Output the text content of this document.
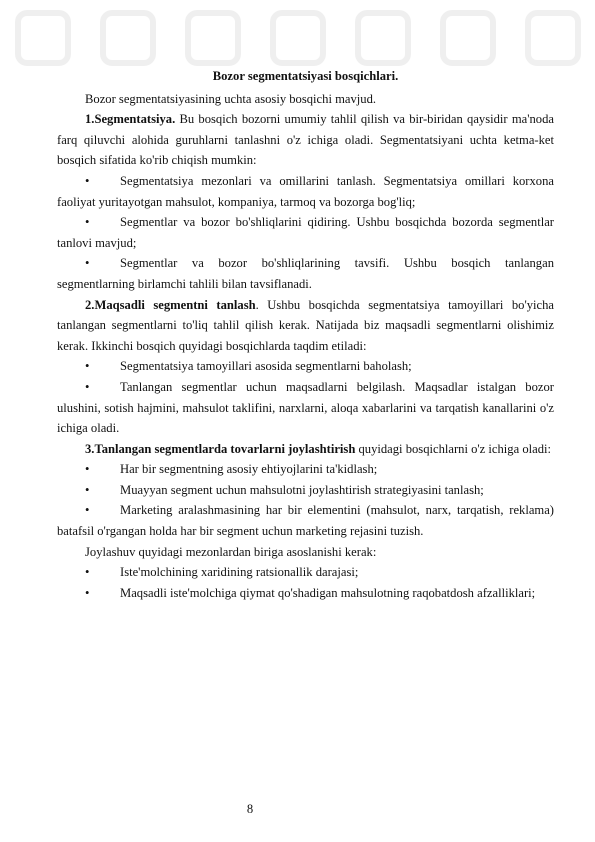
Bozor segmentatsiyasi bosqichlari.

Bozor segmentatsiyasining uchta asosiy bosqichi mavjud.

1.Segmentatsiya. Bu bosqich bozorni umumiy tahlil qilish va bir-biridan qaysidir ma'noda farq qiluvchi alohida guruhlarni tanlashni o'z ichiga oladi. Segmentatsiyani uchta ketma-ket bosqich sifatida ko'rib chiqish mumkin:

• Segmentatsiya mezonlari va omillarini tanlash. Segmentatsiya omillari korxona faoliyat yuritayotgan mahsulot, kompaniya, tarmoq va bozorga bog'liq;

• Segmentlar va bozor bo'shliqlarini qidiring. Ushbu bosqichda bozorda segmentlar tanlovi mavjud;

• Segmentlar va bozor bo'shliqlarining tavsifi. Ushbu bosqich tanlangan segmentlarning birlamchi tahlili bilan tavsiflanadi.

2.Maqsadli segmentni tanlash. Ushbu bosqichda segmentatsiya tamoyillari bo'yicha tanlangan segmentlarni to'liq tahlil qilish kerak. Natijada biz maqsadli segmentlarni olishimiz kerak. Ikkinchi bosqich quyidagi bosqichlarda taqdim etiladi:

• Segmentatsiya tamoyillari asosida segmentlarni baholash;

• Tanlangan segmentlar uchun maqsadlarni belgilash. Maqsadlar istalgan bozor ulushini, sotish hajmini, mahsulot taklifini, narxlarni, aloqa xabarlarini va tarqatish kanallarini o'z ichiga oladi.

3.Tanlangan segmentlarda tovarlarni joylashtirish quyidagi bosqichlarni o'z ichiga oladi:

• Har bir segmentning asosiy ehtiyojlarini ta'kidlash;

• Muayyan segment uchun mahsulotni joylashtirish strategiyasini tanlash;

• Marketing aralashmasining har bir elementini (mahsulot, narx, tarqatish, reklama) batafsil o'rgangan holda har bir segment uchun marketing rejasini tuzish.

Joylashuv quyidagi mezonlardan biriga asoslanishi kerak:

• Iste'molchining xaridining ratsionallik darajasi;

• Maqsadli iste'molchiga qiymat qo'shadigan mahsulotning raqobatdosh afzalliklari;

8
